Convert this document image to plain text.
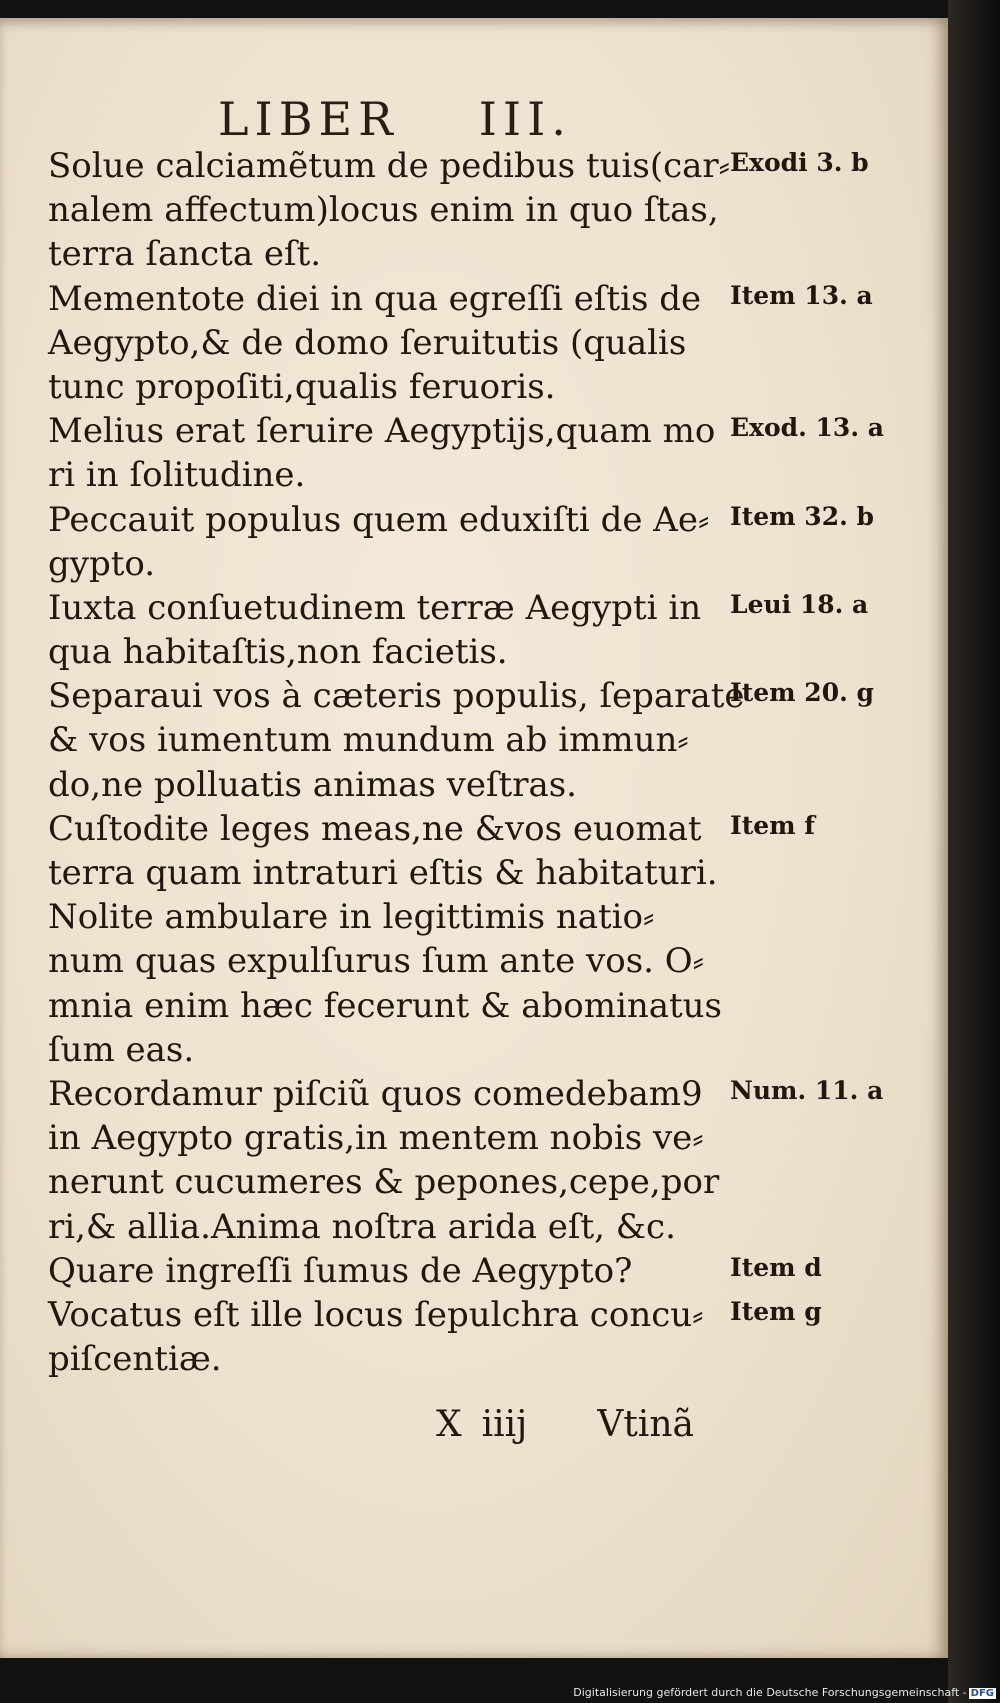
LIBER III.
Solue calciamẽtum de pedibus tuis(car⸗
nalem affectum)locus enim in quo ſtas,
terra ſancta eſt.
Mementote diei in qua egreſſi eſtis de
Aegypto,& de domo ſeruitutis (qualis
tunc propoſiti,qualis feruoris.
Melius erat ſeruire Aegyptijs,quam mo
ri in ſolitudine.
Peccauit populus quem eduxiſti de Ae⸗
gypto.
Iuxta conſuetudinem terræ Aegypti in
qua habitaſtis,non facietis.
Separaui vos à cæteris populis, ſeparate
& vos iumentum mundum ab immun⸗
do,ne polluatis animas veſtras.
Cuſtodite leges meas,ne &vos euomat
terra quam intraturi eſtis & habitaturi.
Nolite ambulare in legittimis natio⸗
num quas expulſurus ſum ante vos. O⸗
mnia enim hæc fecerunt & abominatus
ſum eas.
Recordamur piſciũ quos comedebam9
in Aegypto gratis,in mentem nobis ve⸗
nerunt cucumeres & pepones,cepe,por
ri,& allia.Anima noſtra arida eſt, &c.
Quare ingreſſi ſumus de Aegypto?
Vocatus eſt ille locus ſepulchra concu⸗
piſcentiæ.
Exodi 3. b
Item 13. a
Exod. 13. a
Item 32. b
Leui 18. a
Item 20. g
Item f
Num. 11. a
Item d
Item g
X iiij Vtinã
Digitalisierung gefördert durch die Deutsche Forschungsgemeinschaft - DFG
